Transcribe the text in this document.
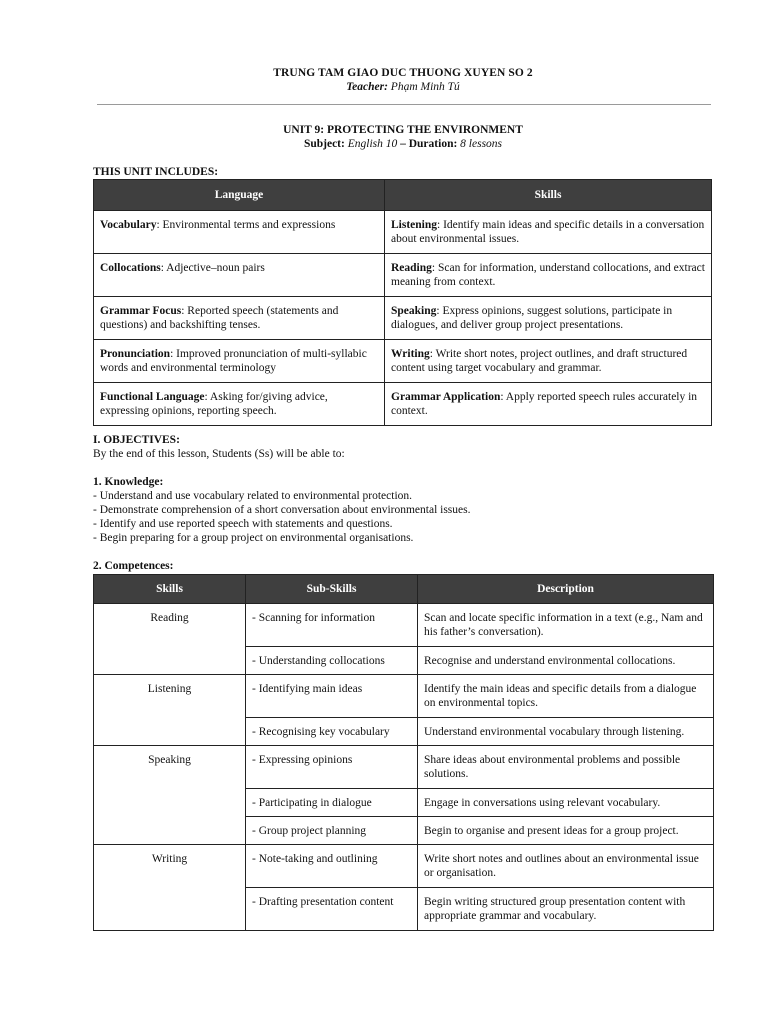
TRUNG TAM GIAO DUC THUONG XUYEN SO 2
Teacher: Phạm Minh Tú
UNIT 9: PROTECTING THE ENVIRONMENT
Subject: English 10 – Duration: 8 lessons
THIS UNIT INCLUDES:
Language	Skills
Vocabulary: Environmental terms and expressions	Listening: Identify main ideas and specific details in a conversation about environmental issues.
Collocations: Adjective–noun pairs	Reading: Scan for information, understand collocations, and extract meaning from context.
Grammar Focus: Reported speech (statements and questions) and backshifting tenses.	Speaking: Express opinions, suggest solutions, participate in dialogues, and deliver group project presentations.
Pronunciation: Improved pronunciation of multi-syllabic words and environmental terminology	Writing: Write short notes, project outlines, and draft structured content using target vocabulary and grammar.
Functional Language: Asking for/giving advice, expressing opinions, reporting speech.	Grammar Application: Apply reported speech rules accurately in context.
I. OBJECTIVES:
By the end of this lesson, Students (Ss) will be able to:
1. Knowledge:
- Understand and use vocabulary related to environmental protection.
- Demonstrate comprehension of a short conversation about environmental issues.
- Identify and use reported speech with statements and questions.
- Begin preparing for a group project on environmental organisations.
2. Competences:
Skills	Sub-Skills	Description
Reading	- Scanning for information	Scan and locate specific information in a text (e.g., Nam and his father’s conversation).
	- Understanding collocations	Recognise and understand environmental collocations.
Listening	- Identifying main ideas	Identify the main ideas and specific details from a dialogue on environmental topics.
	- Recognising key vocabulary	Understand environmental vocabulary through listening.
Speaking	- Expressing opinions	Share ideas about environmental problems and possible solutions.
	- Participating in dialogue	Engage in conversations using relevant vocabulary.
	- Group project planning	Begin to organise and present ideas for a group project.
Writing	- Note-taking and outlining	Write short notes and outlines about an environmental issue or organisation.
	- Drafting presentation content	Begin writing structured group presentation content with appropriate grammar and vocabulary.
